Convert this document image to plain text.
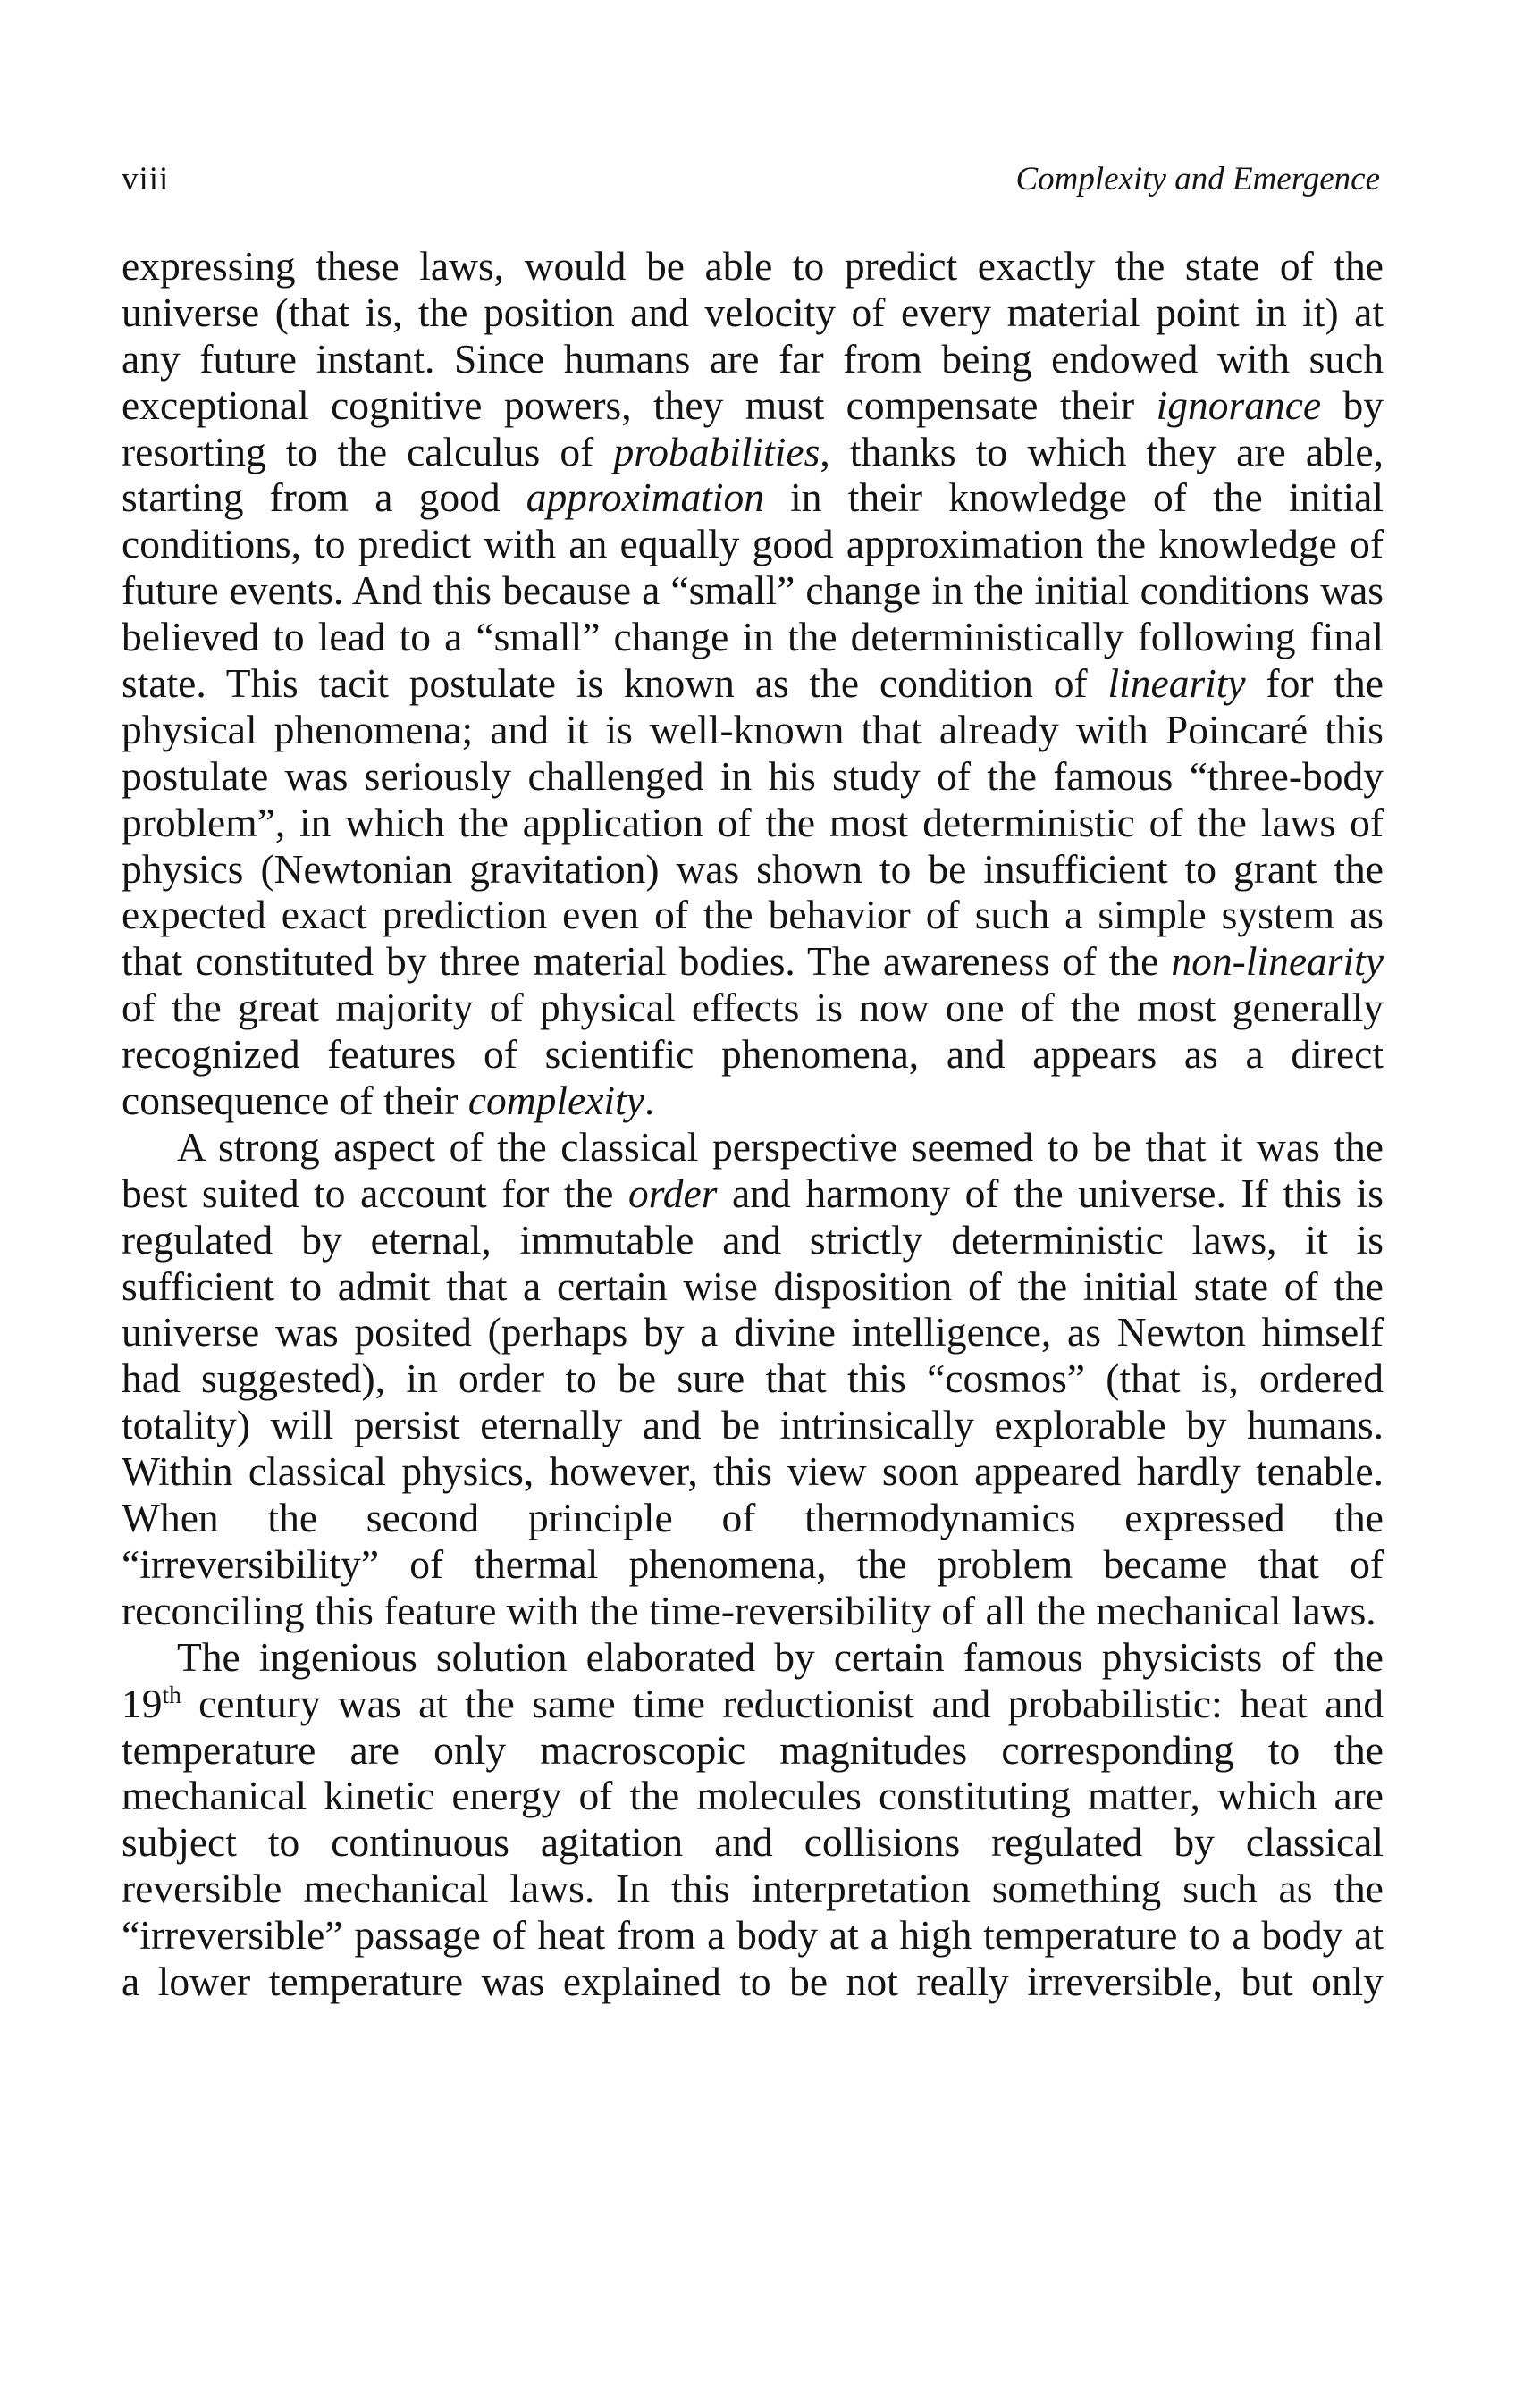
viii	Complexity and Emergence
expressing these laws, would be able to predict exactly the state of the
universe (that is, the position and velocity of every material point in it) at
any future instant. Since humans are far from being endowed with such
exceptional cognitive powers, they must compensate their ignorance by
resorting to the calculus of probabilities, thanks to which they are able,
starting from a good approximation in their knowledge of the initial
conditions, to predict with an equally good approximation the knowledge of
future events. And this because a “small” change in the initial conditions was
believed to lead to a “small” change in the deterministically following final
state. This tacit postulate is known as the condition of linearity for the
physical phenomena; and it is well-known that already with Poincaré this
postulate was seriously challenged in his study of the famous “three-body
problem”, in which the application of the most deterministic of the laws of
physics (Newtonian gravitation) was shown to be insufficient to grant the
expected exact prediction even of the behavior of such a simple system as
that constituted by three material bodies. The awareness of the non-linearity
of the great majority of physical effects is now one of the most generally
recognized features of scientific phenomena, and appears as a direct
consequence of their complexity.
A strong aspect of the classical perspective seemed to be that it was the
best suited to account for the order and harmony of the universe. If this is
regulated by eternal, immutable and strictly deterministic laws, it is
sufficient to admit that a certain wise disposition of the initial state of the
universe was posited (perhaps by a divine intelligence, as Newton himself
had suggested), in order to be sure that this “cosmos” (that is, ordered
totality) will persist eternally and be intrinsically explorable by humans.
Within classical physics, however, this view soon appeared hardly tenable.
When the second principle of thermodynamics expressed the
“irreversibility” of thermal phenomena, the problem became that of
reconciling this feature with the time-reversibility of all the mechanical laws.
The ingenious solution elaborated by certain famous physicists of the
19th century was at the same time reductionist and probabilistic: heat and
temperature are only macroscopic magnitudes corresponding to the
mechanical kinetic energy of the molecules constituting matter, which are
subject to continuous agitation and collisions regulated by classical
reversible mechanical laws. In this interpretation something such as the
“irreversible” passage of heat from a body at a high temperature to a body at
a lower temperature was explained to be not really irreversible, but only
